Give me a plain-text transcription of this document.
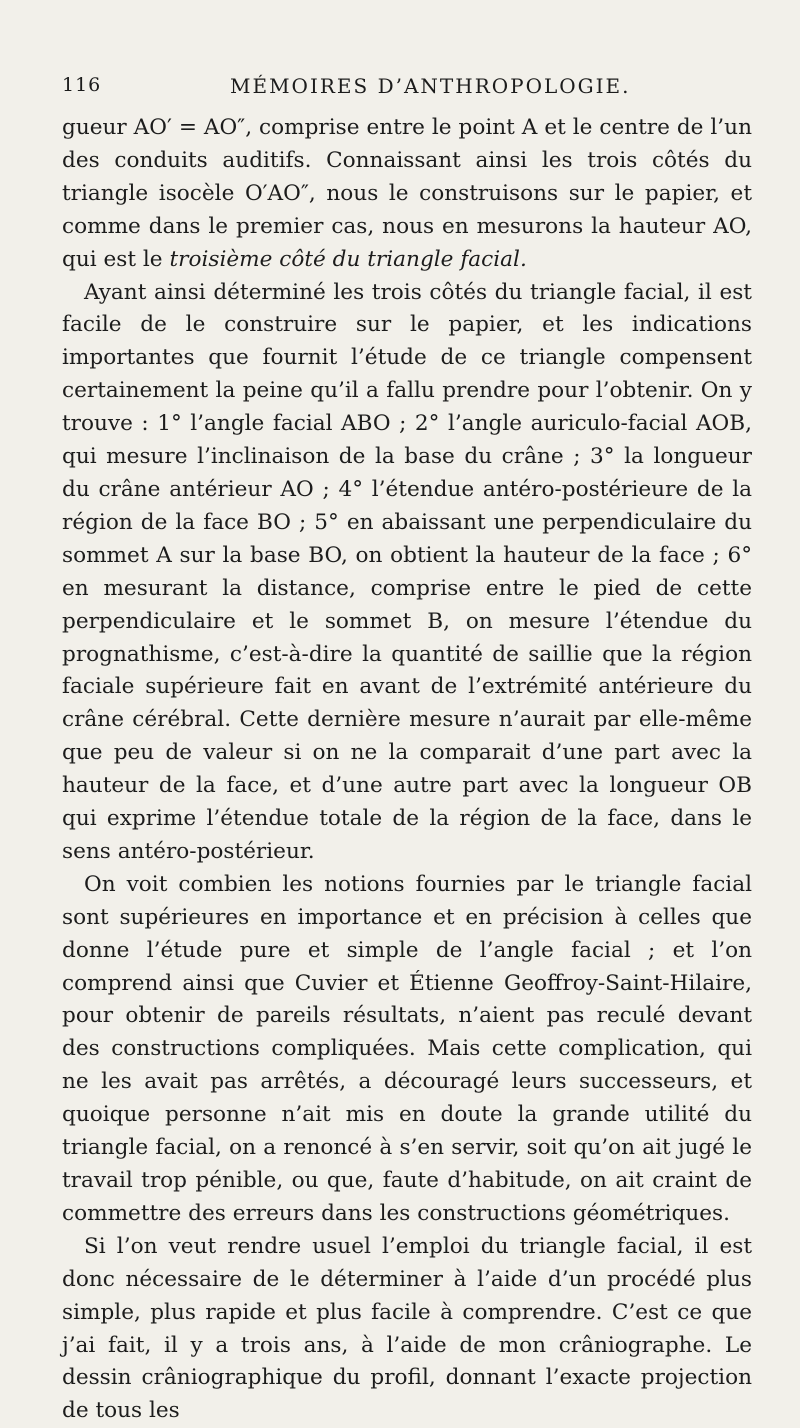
116	MÉMOIRES D’ANTHROPOLOGIE.

gueur AO′ = AO″, comprise entre le point A et le centre de l’un des conduits auditifs. Connaissant ainsi les trois côtés du triangle isocèle O′AO″, nous le construisons sur le papier, et comme dans le premier cas, nous en mesurons la hauteur AO, qui est le troisième côté du triangle facial.

Ayant ainsi déterminé les trois côtés du triangle facial, il est facile de le construire sur le papier, et les indications importantes que fournit l’étude de ce triangle compensent certainement la peine qu’il a fallu prendre pour l’obtenir. On y trouve : 1° l’angle facial ABO ; 2° l’angle auriculo-facial AOB, qui mesure l’inclinaison de la base du crâne ; 3° la longueur du crâne antérieur AO ; 4° l’étendue antéro-postérieure de la région de la face BO ; 5° en abaissant une perpendiculaire du sommet A sur la base BO, on obtient la hauteur de la face ; 6° en mesurant la distance, comprise entre le pied de cette perpendiculaire et le sommet B, on mesure l’étendue du prognathisme, c’est-à-dire la quantité de saillie que la région faciale supérieure fait en avant de l’extrémité antérieure du crâne cérébral. Cette dernière mesure n’aurait par elle-même que peu de valeur si on ne la comparait d’une part avec la hauteur de la face, et d’une autre part avec la longueur OB qui exprime l’étendue totale de la région de la face, dans le sens antéro-postérieur.

On voit combien les notions fournies par le triangle facial sont supérieures en importance et en précision à celles que donne l’étude pure et simple de l’angle facial ; et l’on comprend ainsi que Cuvier et Étienne Geoffroy-Saint-Hilaire, pour obtenir de pareils résultats, n’aient pas reculé devant des constructions compliquées. Mais cette complication, qui ne les avait pas arrêtés, a découragé leurs successeurs, et quoique personne n’ait mis en doute la grande utilité du triangle facial, on a renoncé à s’en servir, soit qu’on ait jugé le travail trop pénible, ou que, faute d’habitude, on ait craint de commettre des erreurs dans les constructions géométriques.

Si l’on veut rendre usuel l’emploi du triangle facial, il est donc nécessaire de le déterminer à l’aide d’un procédé plus simple, plus rapide et plus facile à comprendre. C’est ce que j’ai fait, il y a trois ans, à l’aide de mon crâniographe. Le dessin crâniographique du profil, donnant l’exacte projection de tous les
